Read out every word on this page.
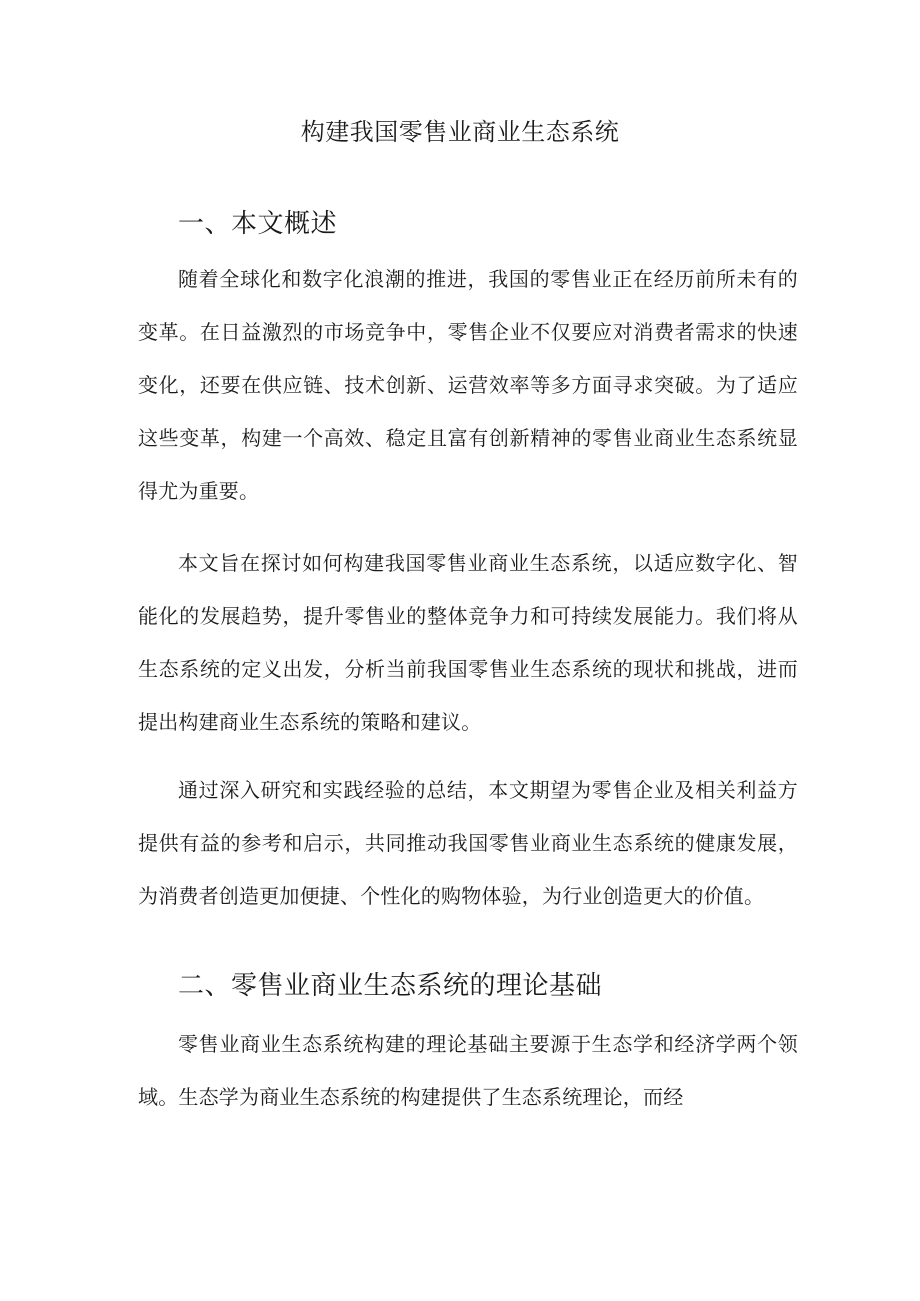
构建我国零售业商业生态系统
一、本文概述

随着全球化和数字化浪潮的推进，我国的零售业正在经历前所未有的变革。在日益激烈的市场竞争中，零售企业不仅要应对消费者需求的快速变化，还要在供应链、技术创新、运营效率等多方面寻求突破。为了适应这些变革，构建一个高效、稳定且富有创新精神的零售业商业生态系统显得尤为重要。

本文旨在探讨如何构建我国零售业商业生态系统，以适应数字化、智能化的发展趋势，提升零售业的整体竞争力和可持续发展能力。我们将从生态系统的定义出发，分析当前我国零售业生态系统的现状和挑战，进而提出构建商业生态系统的策略和建议。

通过深入研究和实践经验的总结，本文期望为零售企业及相关利益方提供有益的参考和启示，共同推动我国零售业商业生态系统的健康发展，为消费者创造更加便捷、个性化的购物体验，为行业创造更大的价值。

二、零售业商业生态系统的理论基础

零售业商业生态系统构建的理论基础主要源于生态学和经济学两个领域。生态学为商业生态系统的构建提供了生态系统理论，而经
